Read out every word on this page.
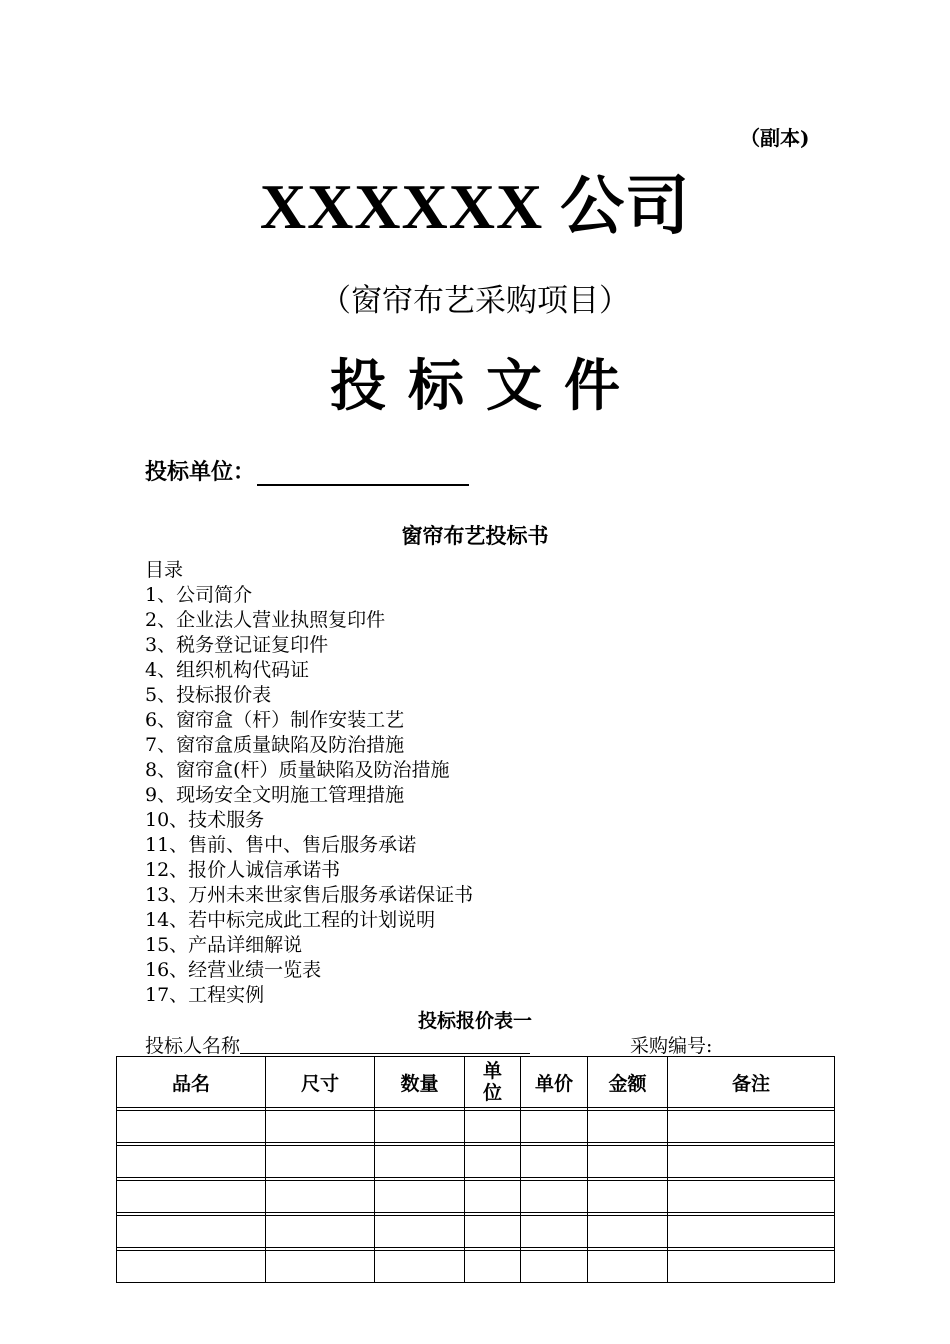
（副本)
XXXXXX 公司
（窗帘布艺采购项目）
投标文件
投标单位：
窗帘布艺投标书
目录
1、公司简介
2、企业法人营业执照复印件
3、税务登记证复印件
4、组织机构代码证
5、投标报价表
6、窗帘盒（杆）制作安装工艺
7、窗帘盒质量缺陷及防治措施
8、窗帘盒(杆）质量缺陷及防治措施
9、现场安全文明施工管理措施
10、技术服务
11、售前、售中、售后服务承诺
12、报价人诚信承诺书
13、万州未来世家售后服务承诺保证书
14、若中标完成此工程的计划说明
15、产品详细解说
16、经营业绩一览表
17、工程实例
投标报价表一
投标人名称	采购编号:
品名	尺寸	数量	单位	单价	金额	备注
